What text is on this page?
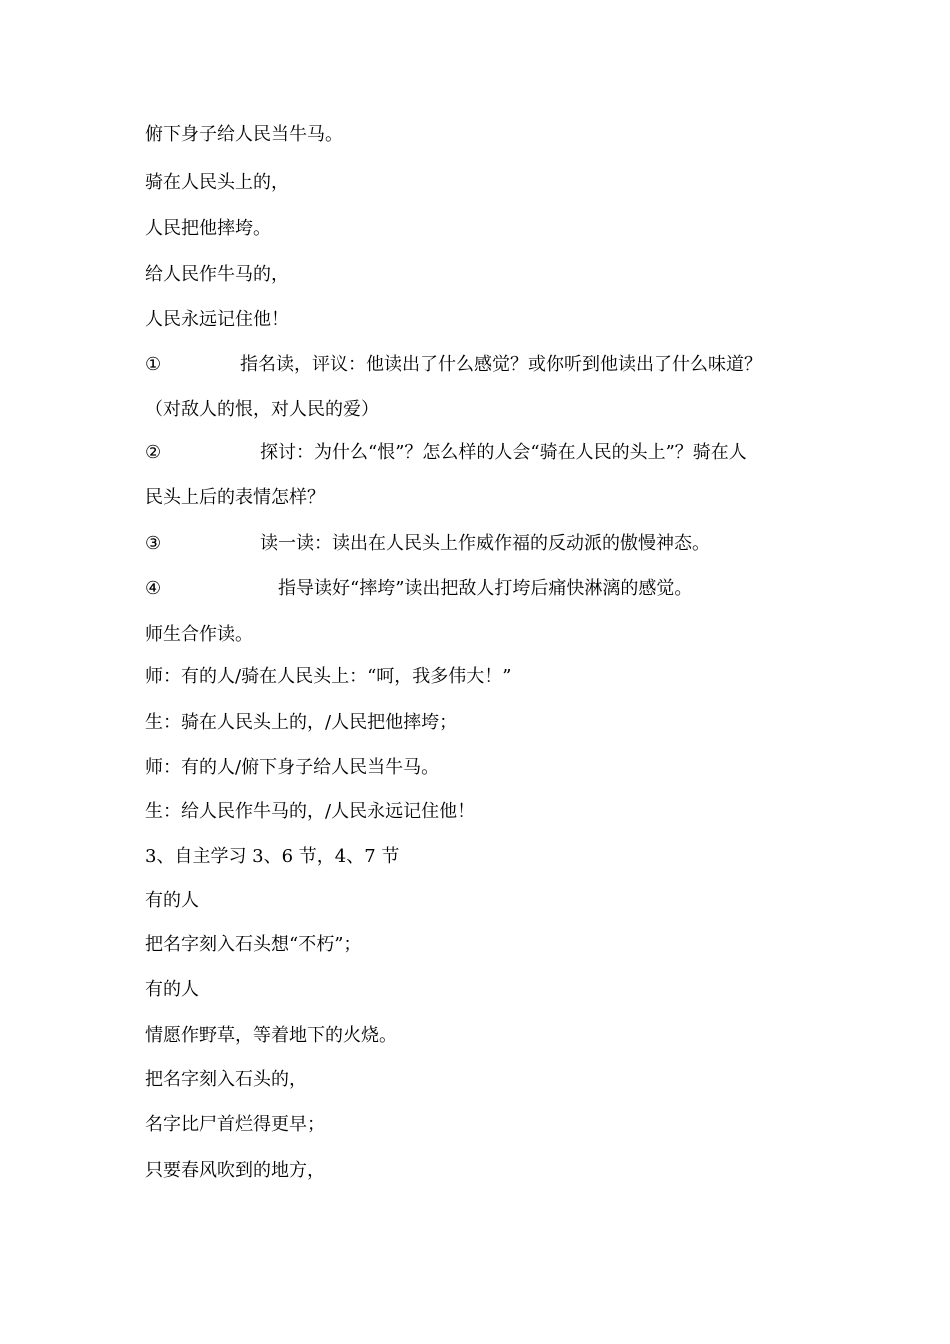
俯下身子给人民当牛马。
骑在人民头上的，
人民把他摔垮。
给人民作牛马的，
人民永远记住他！
①	指名读，评议：他读出了什么感觉？或你听到他读出了什么味道？
（对敌人的恨，对人民的爱）
②	探讨：为什么“恨”？怎么样的人会“骑在人民的头上”？骑在人
民头上后的表情怎样？
③	读一读：读出在人民头上作威作福的反动派的傲慢神态。
④	指导读好“摔垮”读出把敌人打垮后痛快淋漓的感觉。
师生合作读。
师：有的人/骑在人民头上：“呵，我多伟大！”
生：骑在人民头上的，/人民把他摔垮；
师：有的人/俯下身子给人民当牛马。
生：给人民作牛马的，/人民永远记住他！
3、自主学习 3、6 节，4、7 节
有的人
把名字刻入石头想“不朽”；
有的人
情愿作野草，等着地下的火烧。
把名字刻入石头的，
名字比尸首烂得更早；
只要春风吹到的地方，
